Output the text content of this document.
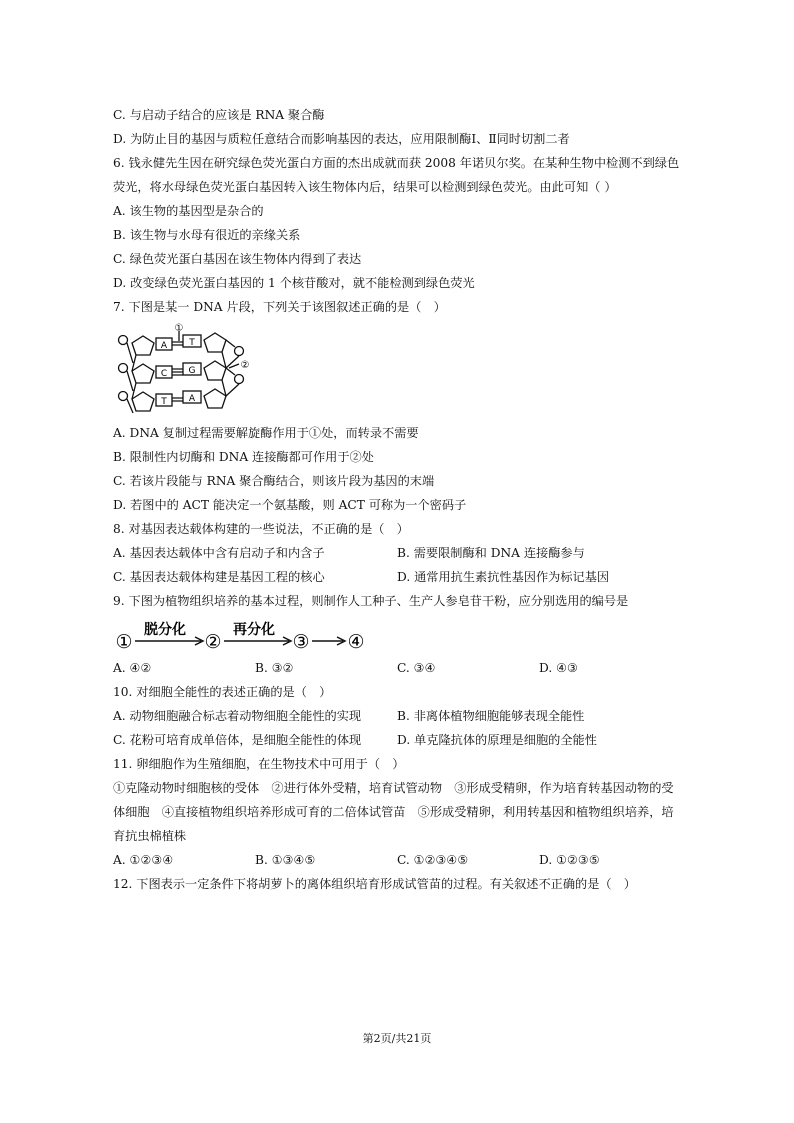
C. 与启动子结合的应该是 RNA 聚合酶
D. 为防止目的基因与质粒任意结合而影响基因的表达，应用限制酶Ⅰ、Ⅱ同时切割二者
6. 钱永健先生因在研究绿色荧光蛋白方面的杰出成就而获 2008 年诺贝尔奖。在某种生物中检测不到绿色
荧光，将水母绿色荧光蛋白基因转入该生物体内后，结果可以检测到绿色荧光。由此可知（ ）
A. 该生物的基因型是杂合的
B. 该生物与水母有很近的亲缘关系
C. 绿色荧光蛋白基因在该生物体内得到了表达
D. 改变绿色荧光蛋白基因的 1 个核苷酸对，就不能检测到绿色荧光
7. 下图是某一 DNA 片段，下列关于该图叙述正确的是（　）
A T
C G
T A
①
②
A. DNA 复制过程需要解旋酶作用于①处，而转录不需要
B. 限制性内切酶和 DNA 连接酶都可作用于②处
C. 若该片段能与 RNA 聚合酶结合，则该片段为基因的末端
D. 若图中的 ACT 能决定一个氨基酸，则 ACT 可称为一个密码子
8. 对基因表达载体构建的一些说法，不正确的是（　）
A. 基因表达载体中含有启动子和内含子	B. 需要限制酶和 DNA 连接酶参与
C. 基因表达载体构建是基因工程的核心	D. 通常用抗生素抗性基因作为标记基因
9. 下图为植物组织培养的基本过程，则制作人工种子、生产人参皂苷干粉，应分别选用的编号是
①
脱分化
②
再分化
③ ④
A. ④②	B. ③②	C. ③④	D. ④③
10. 对细胞全能性的表述正确的是（　）
A. 动物细胞融合标志着动物细胞全能性的实现	B. 非离体植物细胞能够表现全能性
C. 花粉可培育成单倍体，是细胞全能性的体现	D. 单克隆抗体的原理是细胞的全能性
11. 卵细胞作为生殖细胞，在生物技术中可用于（　）
①克隆动物时细胞核的受体　②进行体外受精，培育试管动物　③形成受精卵，作为培育转基因动物的受
体细胞　④直接植物组织培养形成可育的二倍体试管苗　⑤形成受精卵，利用转基因和植物组织培养，培
育抗虫棉植株
A. ①②③④	B. ①③④⑤	C. ①②③④⑤	D. ①②③⑤
12. 下图表示一定条件下将胡萝卜的离体组织培育形成试管苗的过程。有关叙述不正确的是（　）
第2页/共21页
